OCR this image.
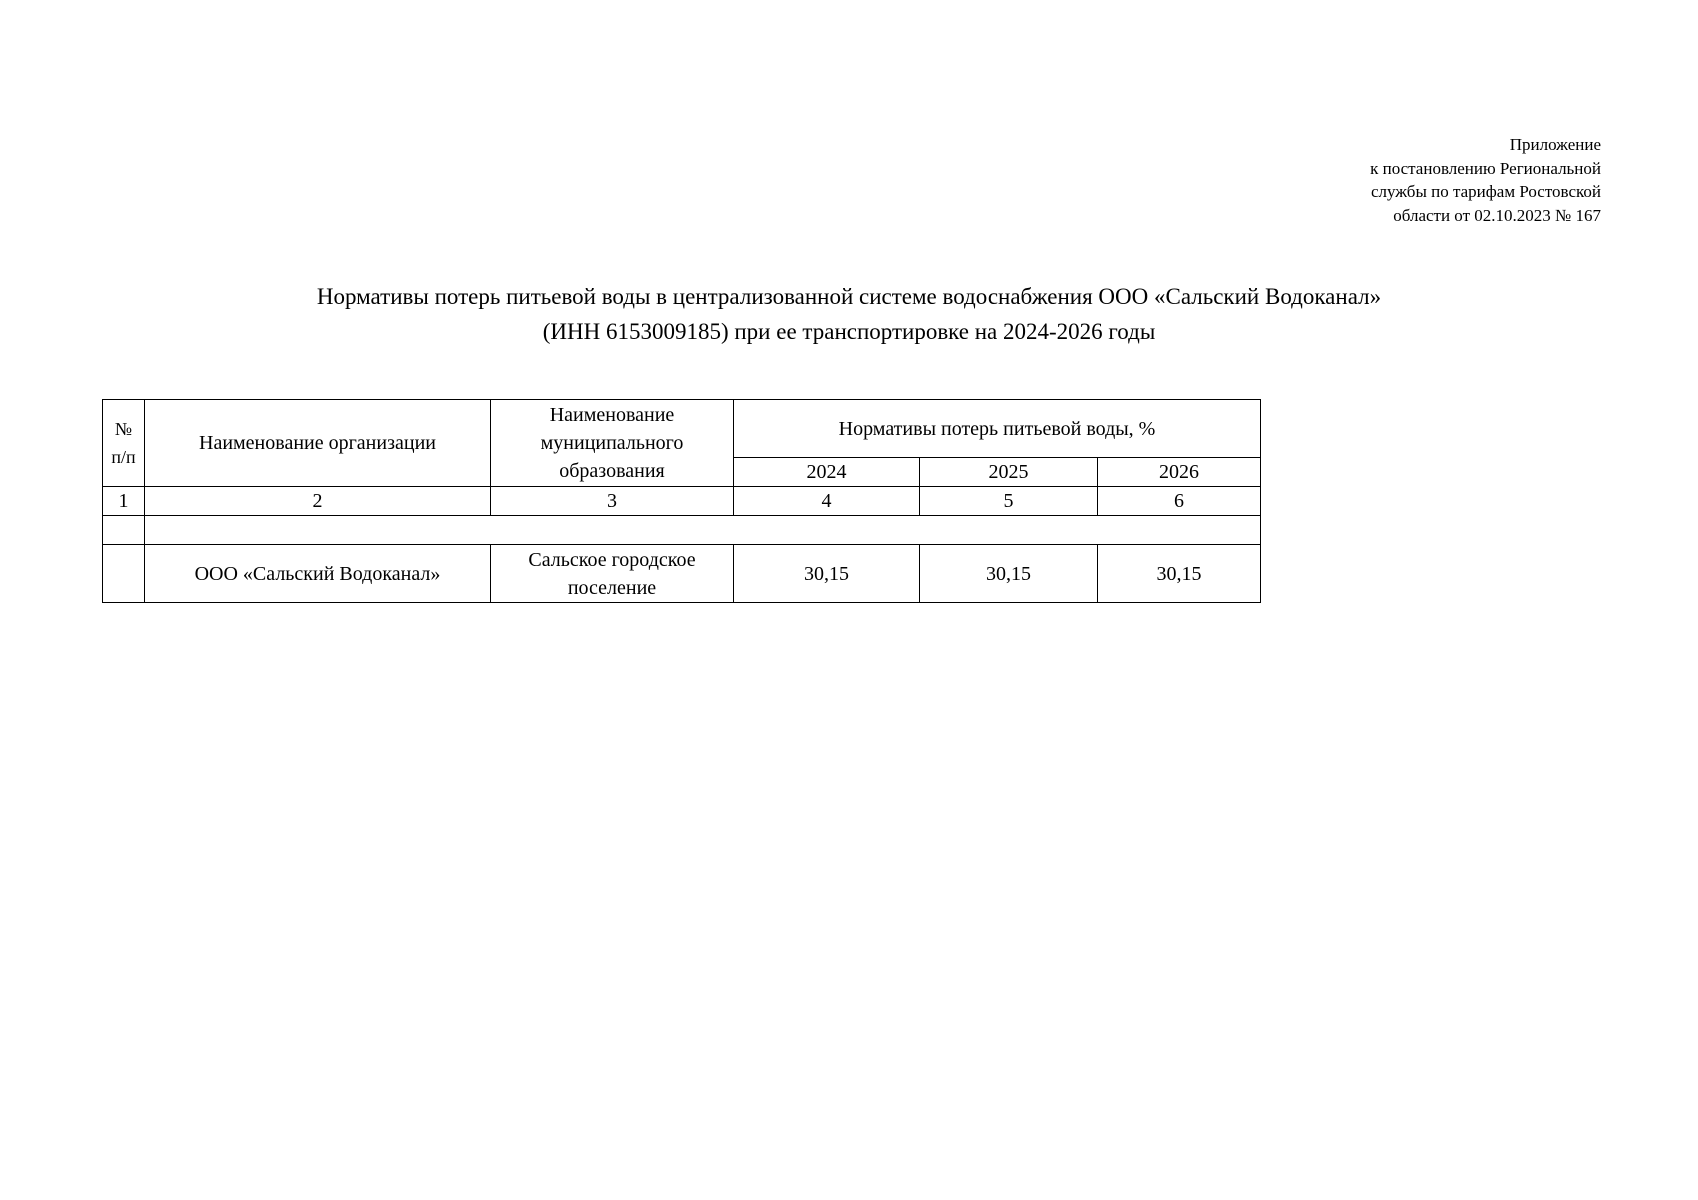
Приложение
к постановлению Региональной
службы по тарифам Ростовской
области от 02.10.2023 № 167
Нормативы потерь питьевой воды в централизованной системе водоснабжения ООО «Сальский Водоканал»
(ИНН 6153009185) при ее транспортировке на 2024-2026 годы
№
п/п	Наименование организации	Наименование муниципального образования	Нормативы потерь питьевой воды, %		
			2024	2025	2026
1	2	3	4	5	6

	ООО «Сальский Водоканал»	Сальское городское поселение	30,15	30,15	30,15
